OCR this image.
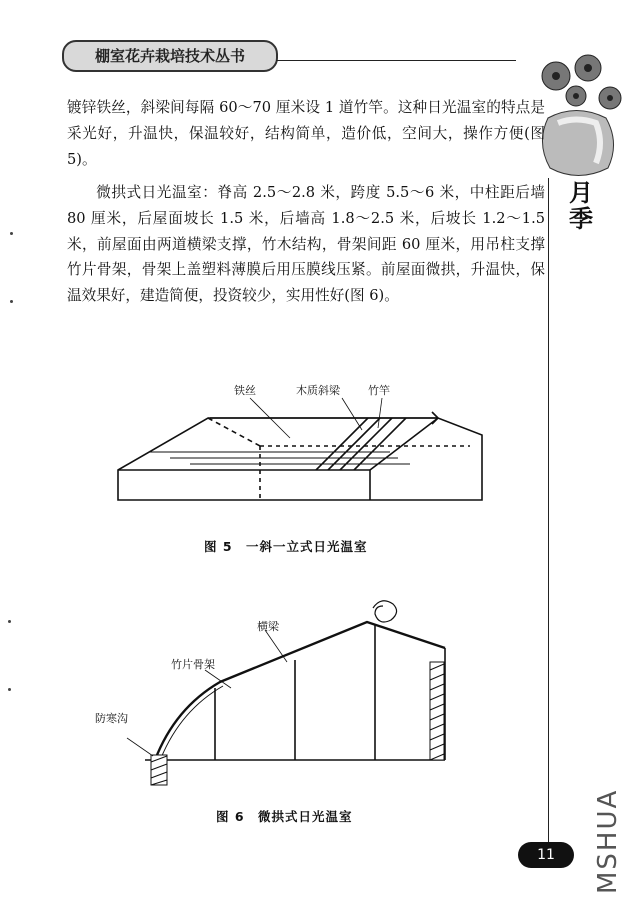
棚室花卉栽培技术丛书
月季
镀锌铁丝，斜梁间每隔 60～70 厘米设 1 道竹竿。这种日光温室的特点是采光好，升温快，保温较好，结构简单，造价低，空间大，操作方便(图 5)。
微拱式日光温室：脊高 2.5～2.8 米，跨度 5.5～6 米，中柱距后墙 80 厘米，后屋面坡长 1.5 米，后墙高 1.8～2.5 米，后坡长 1.2～1.5 米，前屋面由两道横梁支撑，竹木结构，骨架间距 60 厘米，用吊柱支撑竹片骨架，骨架上盖塑料薄膜后用压膜线压紧。前屋面微拱，升温快，保温效果好，建造简便，投资较少，实用性好(图 6)。
铁丝	木质斜梁	竹竿
图 5　一斜一立式日光温室
横梁
竹片骨架
防寒沟
图 6　微拱式日光温室
11	MSHUA
